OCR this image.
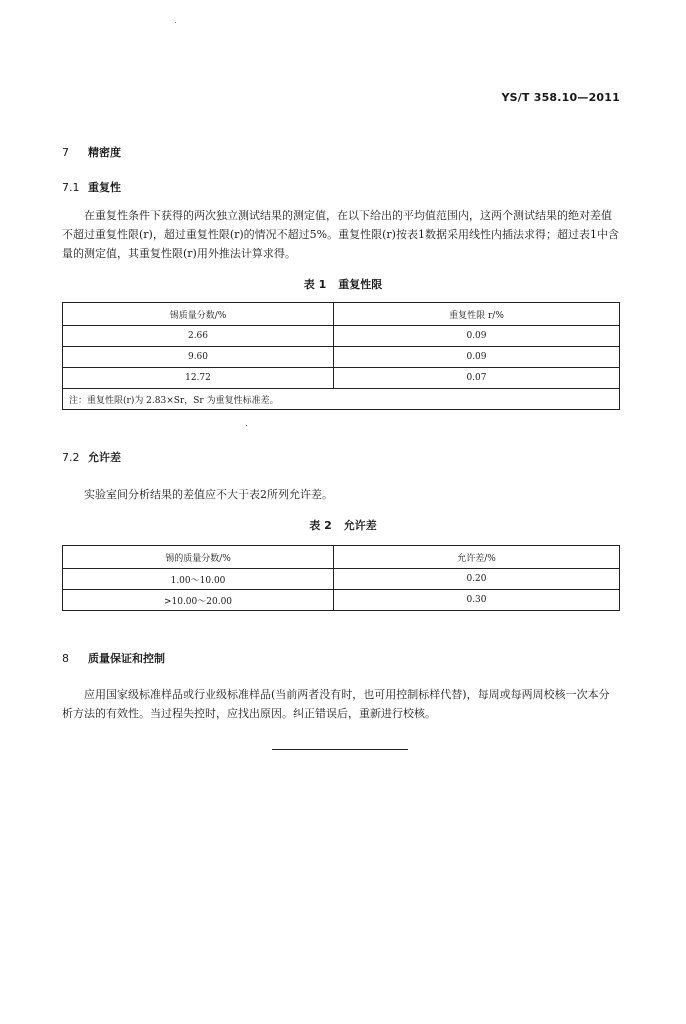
YS/T 358.10—2011
7 精密度
7.1 重复性
在重复性条件下获得的两次独立测试结果的测定值，在以下给出的平均值范围内，这两个测试结果的绝对差值不超过重复性限(r)，超过重复性限(r)的情况不超过5%。重复性限(r)按表1数据采用线性内插法求得；超过表1中含量的测定值，其重复性限(r)用外推法计算求得。
表 1 重复性限
锡质量分数/%	重复性限 r/%
2.66	0.09
9.60	0.09
12.72	0.07
注：重复性限(r)为 2.83×Sr，Sr 为重复性标准差。	
7.2 允许差
实验室间分析结果的差值应不大于表2所列允许差。
表 2 允许差
锡的质量分数/%	允许差/%
1.00～10.00	0.20
>10.00～20.00	0.30
8 质量保证和控制
应用国家级标准样品或行业级标准样品(当前两者没有时，也可用控制标样代替)，每周或每两周校核一次本分析方法的有效性。当过程失控时，应找出原因。纠正错误后，重新进行校核。
